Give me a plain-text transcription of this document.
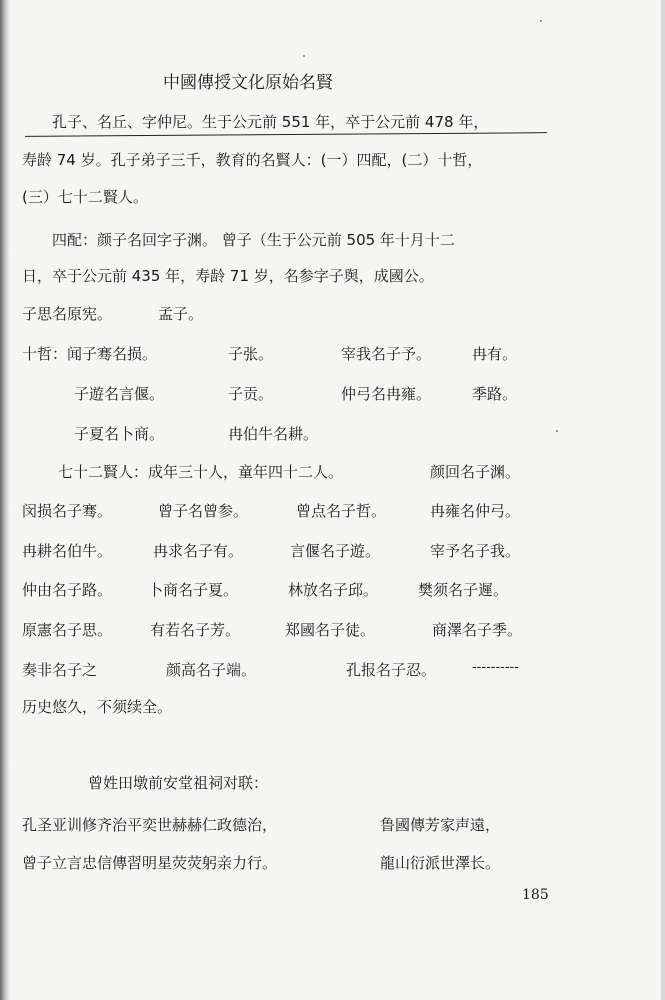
中國傳授文化原始名賢
孔子、名丘、字仲尼。生于公元前 551 年，卒于公元前 478 年，
寿龄 74 岁。孔子弟子三千，教育的名賢人：(一）四配，(二）十哲，
(三）七十二賢人。
四配：颜子名回字子渊。 曾子（生于公元前 505 年十月十二
日，卒于公元前 435 年，寿龄 71 岁，名参字子舆，成國公。
子思名原宪。	孟子。
十哲：闻子骞名损。	子张。	宰我名子予。	冉有。
子遊名言偃。	子贡。	仲弓名冉雍。	季路。
子夏名卜商。	冉伯牛名耕。
七十二賢人：成年三十人，童年四十二人。	颜回名子渊。
闵损名子骞。	曾子名曾参。	曾点名子哲。	冉雍名仲弓。
冉耕名伯牛。	冉求名子有。	言偃名子遊。	宰予名子我。
仲由名子路。 卜商名子夏。	林放名子邱。	樊须名子遲。
原憲名子思。	有若名子芳。	郑國名子徒。	商澤名子季。
奏非名子之	颜高名子端。	孔报名子忍。	----------
历史悠久，不须续全。
曾姓田墩前安堂祖祠对联：
孔圣亚训修齐治平奕世赫赫仁政德治，	鲁國傳芳家声遠，
曾子立言忠信傳習明星荧荧躬亲力行。	龍山衍派世澤长。
185
